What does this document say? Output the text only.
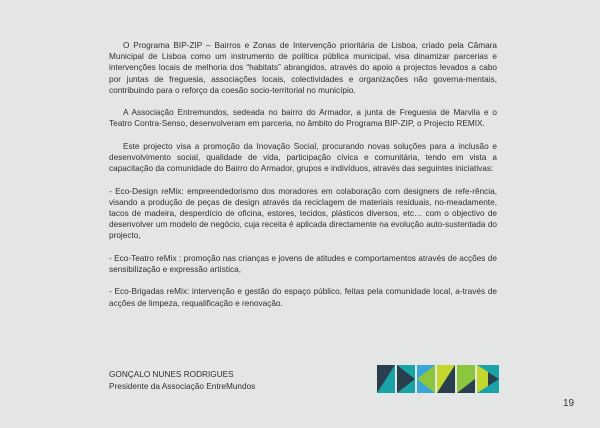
O Programa BIP-ZIP – Bairros e Zonas de Intervenção prioritária de Lisboa, criado pela Câmara Municipal de Lisboa como um instrumento de política pública municipal, visa dinamizar parcerias e intervenções locais de melhoria dos “habitats” abrangidos, através do apoio a projectos levados a cabo por juntas de freguesia, associações locais, colectividades e organizações não governa-mentais, contribuindo para o reforço da coesão socio-territorial no município.

A Associação Entremundos, sedeada no bairro do Armador, a junta de Freguesia de Marvila e o Teatro Contra-Senso, desenvolveram em parceria, no âmbito do Programa BIP-ZIP, o Projecto REMIX.

Este projecto visa a promoção da Inovação Social, procurando novas soluções para a inclusão e desenvolvimento social, qualidade de vida, participação cívica e comunitária, tendo em vista a capacitação da comunidade do Bairro do Armador, grupos e indivíduos, através das seguintes iniciativas:

- Eco-Design reMix: empreendedorismo dos moradores em colaboração com designers de refe-rência, visando a produção de peças de design através da reciclagem de materiais residuais, no-meadamente, tacos de madeira, desperdício de oficina, estores, tecidos, plásticos diversos, etc… com o objectivo de desenvolver um modelo de negócio, cuja receita é aplicada directamente na evolução auto-sustentada do projecto,

- Eco-Teatro reMix : promoção nas crianças e jovens de atitudes e comportamentos através de acções de sensibilização e expressão artística,

- Eco-Brigadas reMix: intervenção e gestão do espaço público, feitas pela comunidade local, a-través de acções de limpeza, requalificação e renovação.

GONÇALO NUNES RODRIGUES
Presidente da Associação EntreMundos
19
